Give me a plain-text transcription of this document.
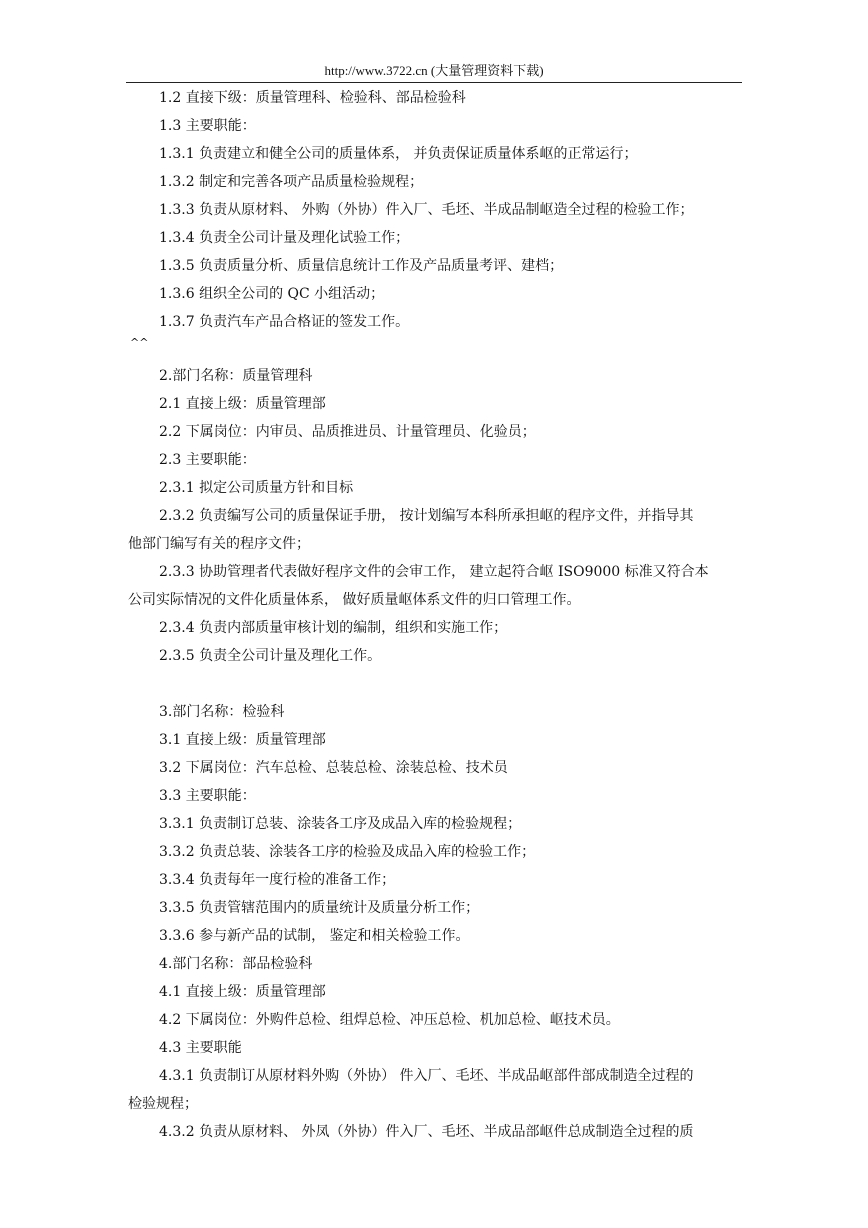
http://www.3722.cn (大量管理资料下载)
1.2 直接下级：质量管理科、检验科、部品检验科
1.3 主要职能：
1.3.1 负责建立和健全公司的质量体系， 并负责保证质量体系岖的正常运行；
1.3.2 制定和完善各项产品质量检验规程；
1.3.3 负责从原材料、 外购（外协）件入厂、毛坯、半成品制岖造全过程的检验工作；
1.3.4 负责全公司计量及理化试验工作；
1.3.5 负责质量分析、质量信息统计工作及产品质量考评、建档；
1.3.6 组织全公司的 QC 小组活动；
1.3.7 负责汽车产品合格证的签发工作。
^^
2.部门名称：质量管理科
2.1 直接上级：质量管理部
2.2 下属岗位：内审员、品质推进员、计量管理员、化验员；
2.3 主要职能：
2.3.1 拟定公司质量方针和目标
2.3.2 负责编写公司的质量保证手册， 按计划编写本科所承担岖的程序文件，并指导其
他部门编写有关的程序文件；
2.3.3 协助管理者代表做好程序文件的会审工作， 建立起符合岖 ISO9000 标准又符合本
公司实际情况的文件化质量体系， 做好质量岖体系文件的归口管理工作。
2.3.4 负责内部质量审核计划的编制，组织和实施工作；
2.3.5 负责全公司计量及理化工作。
3.部门名称：检验科
3.1 直接上级：质量管理部
3.2 下属岗位：汽车总检、总装总检、涂装总检、技术员
3.3 主要职能：
3.3.1 负责制订总装、涂装各工序及成品入库的检验规程；
3.3.2 负责总装、涂装各工序的检验及成品入库的检验工作；
3.3.4 负责每年一度行检的准备工作；
3.3.5 负责管辖范围内的质量统计及质量分析工作；
3.3.6 参与新产品的试制， 鉴定和相关检验工作。
4.部门名称：部品检验科
4.1 直接上级：质量管理部
4.2 下属岗位：外购件总检、组焊总检、冲压总检、机加总检、岖技术员。
4.3 主要职能
4.3.1 负责制订从原材料外购（外协） 件入厂、毛坯、半成品岖部件部成制造全过程的
检验规程；
4.3.2 负责从原材料、 外凤（外协）件入厂、毛坯、半成品部岖件总成制造全过程的质
